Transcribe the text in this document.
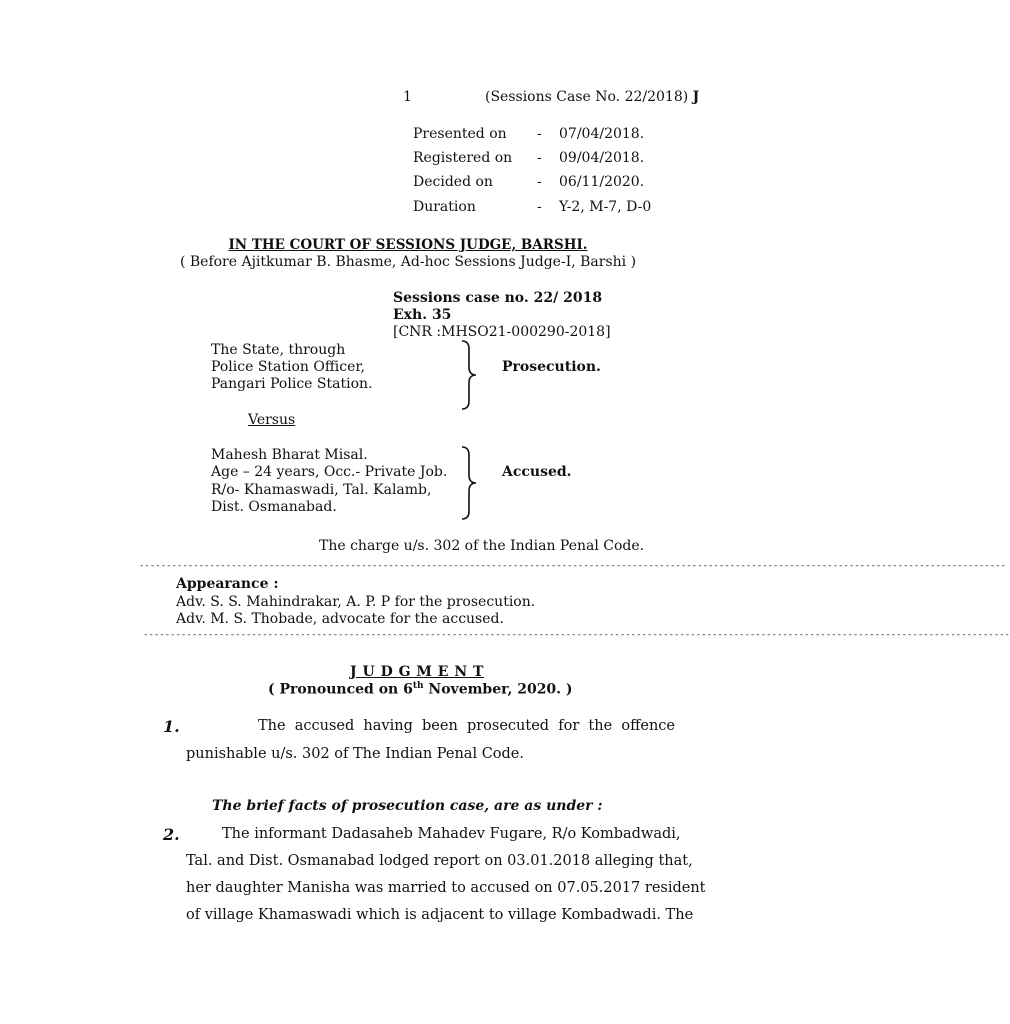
1	(Sessions Case No. 22/2018) J
Presented on - 07/04/2018.
Registered on - 09/04/2018.
Decided on	- 06/11/2020.
Duration	- Y-2, M-7, D-0
IN THE COURT OF SESSIONS JUDGE, BARSHI.
( Before Ajitkumar B. Bhasme, Ad-hoc Sessions Judge-I, Barshi )
Sessions case no. 22/ 2018
Exh. 35
[CNR :MHSO21-000290-2018]
The State, through
Police Station Officer,
Pangari Police Station.
Prosecution.
Versus
Mahesh Bharat Misal.
Age – 24 years, Occ.- Private Job.
R/o- Khamaswadi, Tal. Kalamb,
Dist. Osmanabad.
Accused.
The charge u/s. 302 of the Indian Penal Code.
----------------------------------------------------------------------------------------------------------------------------------------------------------------
Appearance :
Adv. S. S. Mahindrakar, A. P. P for the prosecution.
Adv. M. S. Thobade, advocate for the accused.
----------------------------------------------------------------------------------------------------------------------------------------------------------------
J U D G M E N T
( Pronounced on 6th November, 2020. )
1.	The accused having been prosecuted for the offence
punishable u/s. 302 of The Indian Penal Code.
The brief facts of prosecution case, are as under :
2.	The informant Dadasaheb Mahadev Fugare, R/o Kombadwadi,
Tal. and Dist. Osmanabad lodged report on 03.01.2018 alleging that,
her daughter Manisha was married to accused on 07.05.2017 resident
of village Khamaswadi which is adjacent to village Kombadwadi. The
